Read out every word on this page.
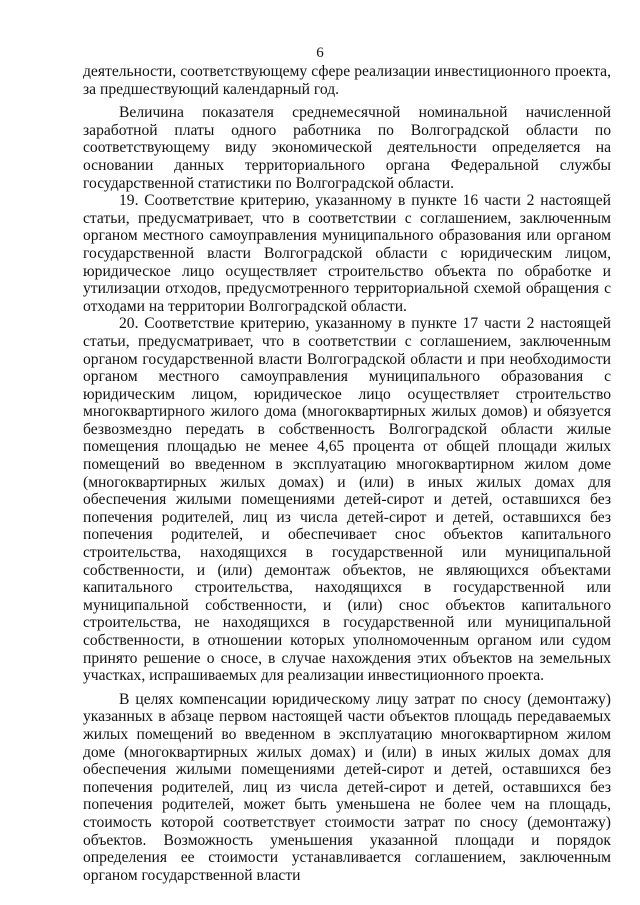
6

деятельности, соответствующему сфере реализации инвестиционного проекта, за предшествующий календарный год.

Величина показателя среднемесячной номинальной начисленной заработной платы одного работника по Волгоградской области по соответствующему виду экономической деятельности определяется на основании данных территориального органа Федеральной службы государственной статистики по Волгоградской области.

19. Соответствие критерию, указанному в пункте 16 части 2 настоящей статьи, предусматривает, что в соответствии с соглашением, заключенным органом местного самоуправления муниципального образования или органом государственной власти Волгоградской области с юридическим лицом, юридическое лицо осуществляет строительство объекта по обработке и утилизации отходов, предусмотренного территориальной схемой обращения с отходами на территории Волгоградской области.

20. Соответствие критерию, указанному в пункте 17 части 2 настоящей статьи, предусматривает, что в соответствии с соглашением, заключенным органом государственной власти Волгоградской области и при необходимости органом местного самоуправления муниципального образования с юридическим лицом, юридическое лицо осуществляет строительство многоквартирного жилого дома (многоквартирных жилых домов) и обязуется безвозмездно передать в собственность Волгоградской области жилые помещения площадью не менее 4,65 процента от общей площади жилых помещений во введенном в эксплуатацию многоквартирном жилом доме (многоквартирных жилых домах) и (или) в иных жилых домах для обеспечения жилыми помещениями детей-сирот и детей, оставшихся без попечения родителей, лиц из числа детей-сирот и детей, оставшихся без попечения родителей, и обеспечивает снос объектов капитального строительства, находящихся в государственной или муниципальной собственности, и (или) демонтаж объектов, не являющихся объектами капитального строительства, находящихся в государственной или муниципальной собственности, и (или) снос объектов капитального строительства, не находящихся в государственной или муниципальной собственности, в отношении которых уполномоченным органом или судом принято решение о сносе, в случае нахождения этих объектов на земельных участках, испрашиваемых для реализации инвестиционного проекта.

В целях компенсации юридическому лицу затрат по сносу (демонтажу) указанных в абзаце первом настоящей части объектов площадь передаваемых жилых помещений во введенном в эксплуатацию многоквартирном жилом доме (многоквартирных жилых домах) и (или) в иных жилых домах для обеспечения жилыми помещениями детей-сирот и детей, оставшихся без попечения родителей, лиц из числа детей-сирот и детей, оставшихся без попечения родителей, может быть уменьшена не более чем на площадь, стоимость которой соответствует стоимости затрат по сносу (демонтажу) объектов. Возможность уменьшения указанной площади и порядок определения ее стоимости устанавливается соглашением, заключенным органом государственной власти
